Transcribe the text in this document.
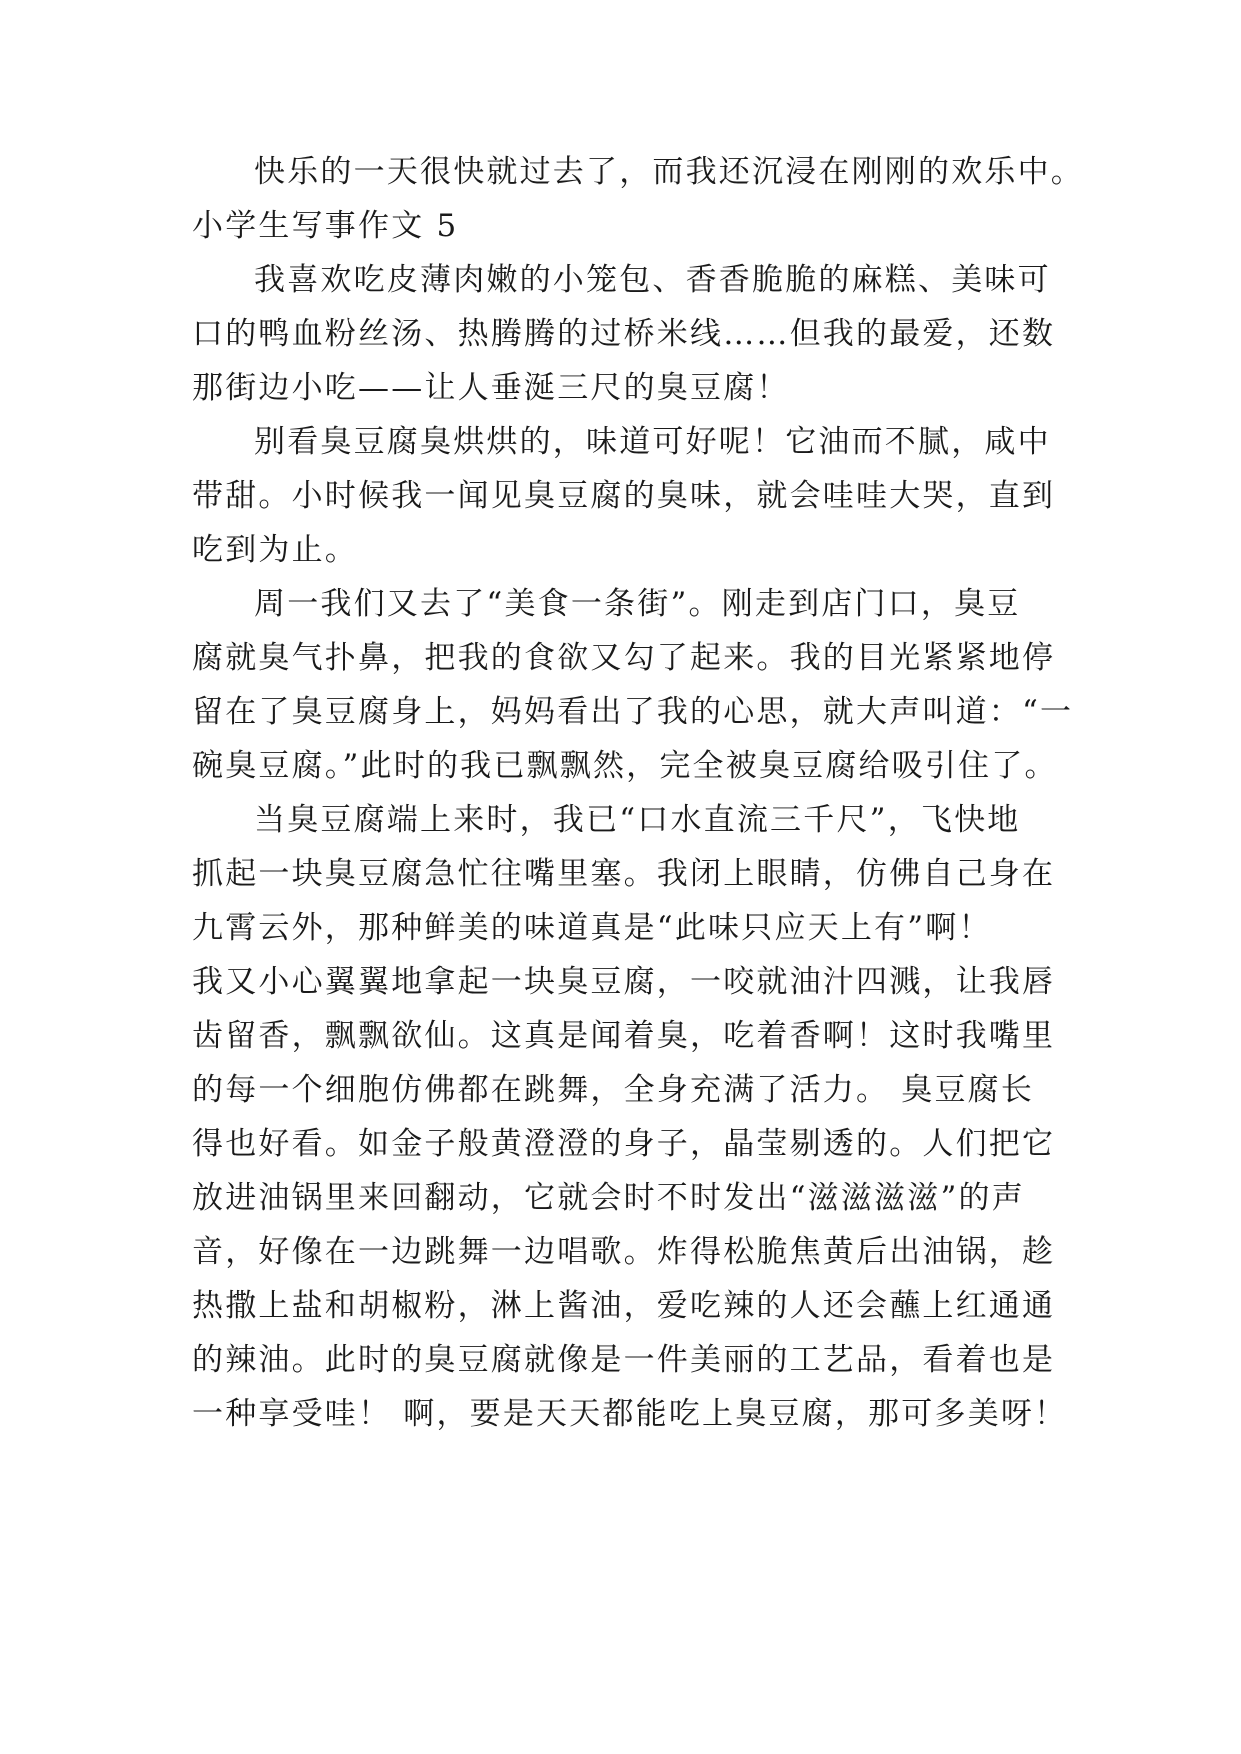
快乐的一天很快就过去了，而我还沉浸在刚刚的欢乐中。
小学生写事作文 5
我喜欢吃皮薄肉嫩的小笼包、香香脆脆的麻糕、美味可
口的鸭血粉丝汤、热腾腾的过桥米线……但我的最爱，还数
那街边小吃——让人垂涎三尺的臭豆腐！
别看臭豆腐臭烘烘的，味道可好呢！它油而不腻，咸中
带甜。小时候我一闻见臭豆腐的臭味，就会哇哇大哭，直到
吃到为止。
周一我们又去了“美食一条街”。刚走到店门口，臭豆
腐就臭气扑鼻，把我的食欲又勾了起来。我的目光紧紧地停
留在了臭豆腐身上，妈妈看出了我的心思，就大声叫道：“一
碗臭豆腐。”此时的我已飘飘然，完全被臭豆腐给吸引住了。
当臭豆腐端上来时，我已“口水直流三千尺”，飞快地
抓起一块臭豆腐急忙往嘴里塞。我闭上眼睛，仿佛自己身在
九霄云外，那种鲜美的味道真是“此味只应天上有”啊！
我又小心翼翼地拿起一块臭豆腐，一咬就油汁四溅，让我唇
齿留香，飘飘欲仙。这真是闻着臭，吃着香啊！这时我嘴里
的每一个细胞仿佛都在跳舞，全身充满了活力。 臭豆腐长
得也好看。如金子般黄澄澄的身子，晶莹剔透的。人们把它
放进油锅里来回翻动，它就会时不时发出“滋滋滋滋”的声
音，好像在一边跳舞一边唱歌。炸得松脆焦黄后出油锅，趁
热撒上盐和胡椒粉，淋上酱油，爱吃辣的人还会蘸上红通通
的辣油。此时的臭豆腐就像是一件美丽的工艺品，看着也是
一种享受哇！ 啊，要是天天都能吃上臭豆腐，那可多美呀！
